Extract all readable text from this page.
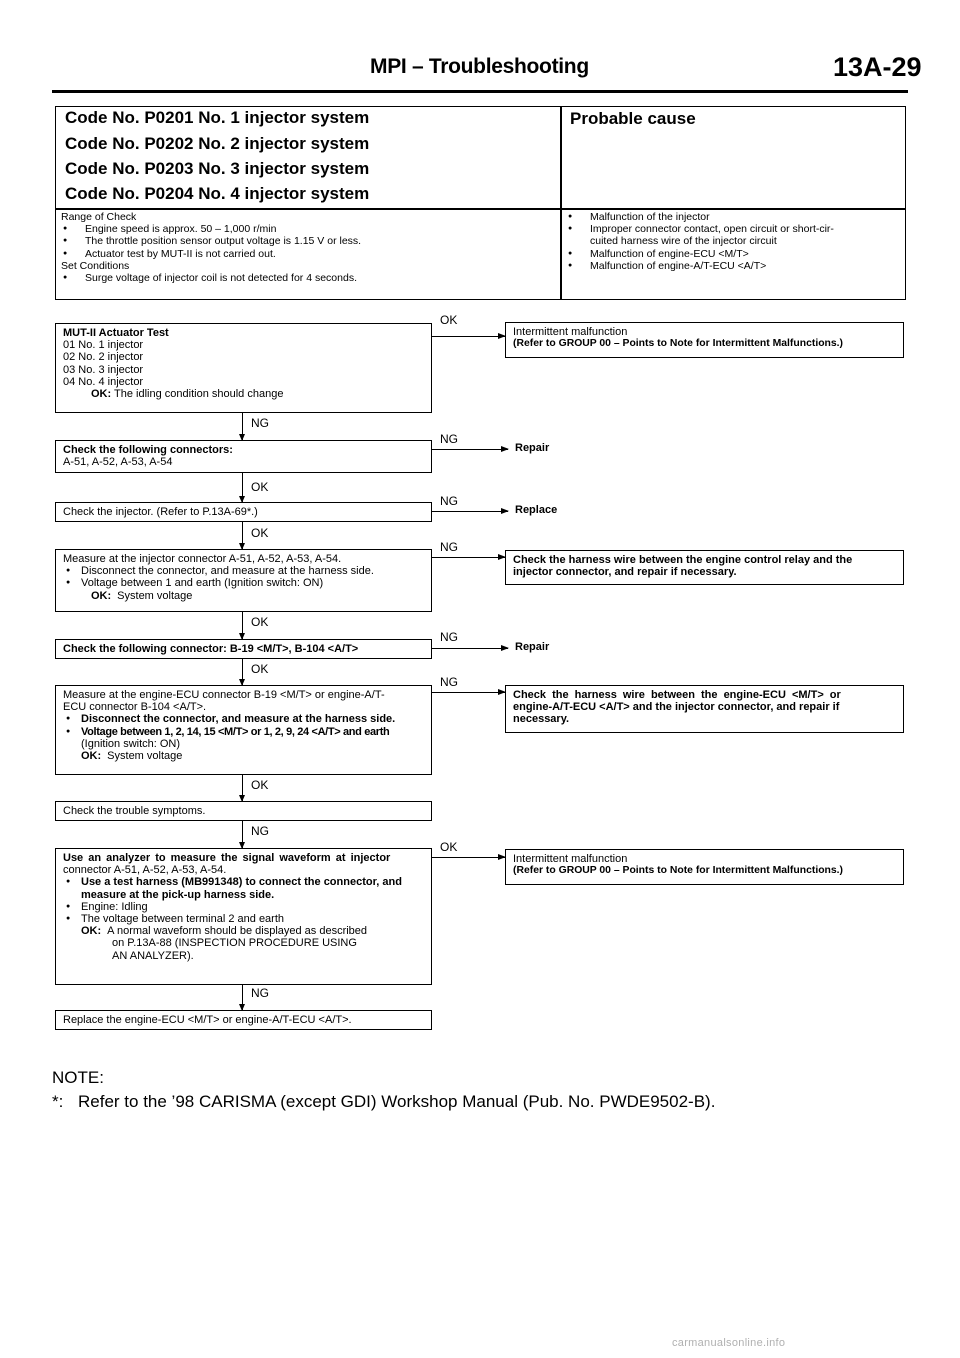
MPI – Troubleshooting	13A-29
Code No. P0201 No. 1 injector system
Code No. P0202 No. 2 injector system
Code No. P0203 No. 3 injector system
Code No. P0204 No. 4 injector system
Probable cause
Range of Check
● Engine speed is approx. 50 – 1,000 r/min
● The throttle position sensor output voltage is 1.15 V or less.
● Actuator test by MUT-II is not carried out.
Set Conditions
● Surge voltage of injector coil is not detected for 4 seconds.
● Malfunction of the injector
● Improper connector contact, open circuit or short-cir-
cuited harness wire of the injector circuit
● Malfunction of engine-ECU <M/T>
● Malfunction of engine-A/T-ECU <A/T>
MUT-II Actuator Test
01 No. 1 injector
02 No. 2 injector
03 No. 3 injector
04 No. 4 injector
OK: The idling condition should change
OK
Intermittent malfunction
(Refer to GROUP 00 – Points to Note for Intermittent Malfunctions.)
NG
Check the following connectors:
A-51, A-52, A-53, A-54
NG
Repair
OK
Check the injector. (Refer to P.13A-69*.)
NG
Replace
OK
Measure at the injector connector A-51, A-52, A-53, A-54.
● Disconnect the connector, and measure at the harness side.
● Voltage between 1 and earth (Ignition switch: ON)
OK: System voltage
NG
Check the harness wire between the engine control relay and the
injector connector, and repair if necessary.
OK
Check the following connector: B-19 <M/T>, B-104 <A/T>
NG
Repair
OK
Measure at the engine-ECU connector B-19 <M/T> or engine-A/T-
ECU connector B-104 <A/T>.
● Disconnect the connector, and measure at the harness side.
● Voltage between 1, 2, 14, 15 <M/T> or 1, 2, 9, 24 <A/T> and earth
(Ignition switch: ON)
OK: System voltage
NG
Check the harness wire between the engine-ECU <M/T> or
engine-A/T-ECU <A/T> and the injector connector, and repair if
necessary.
OK
Check the trouble symptoms.
NG
Use an analyzer to measure the signal waveform at injector
connector A-51, A-52, A-53, A-54.
● Use a test harness (MB991348) to connect the connector, and
measure at the pick-up harness side.
● Engine: Idling
● The voltage between terminal 2 and earth
OK: A normal waveform should be displayed as described
on P.13A-88 (INSPECTION PROCEDURE USING
AN ANALYZER).
OK
Intermittent malfunction
(Refer to GROUP 00 – Points to Note for Intermittent Malfunctions.)
NG
Replace the engine-ECU <M/T> or engine-A/T-ECU <A/T>.
NOTE:
*: Refer to the ’98 CARISMA (except GDI) Workshop Manual (Pub. No. PWDE9502-B).
carmanualsonline.info
